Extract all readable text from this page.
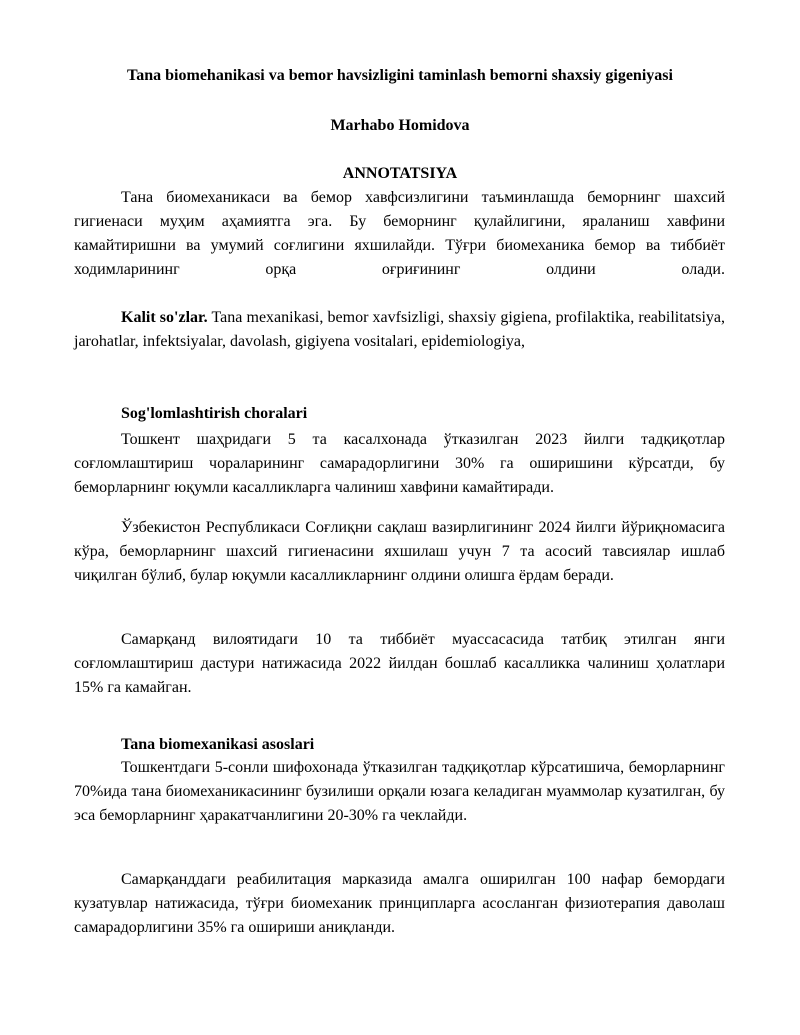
Tana biomehanikasi va bemor havsizligini taminlash bemorni shaxsiy gigeniyasi
Marhabo Homidova
ANNOTATSIYA

Тана биомеханикаси ва бемор хавфсизлигини таъминлашда беморнинг шахсий гигиенаси муҳим аҳамиятга эга. Бу беморнинг қулайлигини, яраланиш хавфини камайтиришни ва умумий соғлигини яхшилайди. Тўғри биомеханика бемор ва тиббиёт ходимларининг орқа оғриғининг олдини олади.

Kalit so'zlar. Tana mexanikasi, bemor xavfsizligi, shaxsiy gigiena, profilaktika, reabilitatsiya, jarohatlar, infektsiyalar, davolash, gigiyena vositalari, epidemiologiya,

Sog'lomlashtirish choralari

Тошкент шаҳридаги 5 та касалхонада ўтказилган 2023 йилги тадқиқотлар соғломлаштириш чораларининг самарадорлигини 30% га оширишини кўрсатди, бу беморларнинг юқумли касалликларга чалиниш хавфини камайтиради.

Ўзбекистон Республикаси Соғлиқни сақлаш вазирлигининг 2024 йилги йўриқномасига кўра, беморларнинг шахсий гигиенасини яхшилаш учун 7 та асосий тавсиялар ишлаб чиқилган бўлиб, булар юқумли касалликларнинг олдини олишга ёрдам беради.

Самарқанд вилоятидаги 10 та тиббиёт муассасасида татбиқ этилган янги соғломлаштириш дастури натижасида 2022 йилдан бошлаб касалликка чалиниш ҳолатлари 15% га камайган.

Tana biomexanikasi asoslari

Тошкентдаги 5-сонли шифохонада ўтказилган тадқиқотлар кўрсатишича, беморларнинг 70%ида тана биомеханикасининг бузилиши орқали юзага келадиган муаммолар кузатилган, бу эса беморларнинг ҳаракатчанлигини 20-30% га чеклайди.

Самарқанддаги реабилитация марказида амалга оширилган 100 нафар бемордаги кузатувлар натижасида, тўғри биомеханик принципларга асосланган физиотерапия даволаш самарадорлигини 35% га ошириши аниқланди.
